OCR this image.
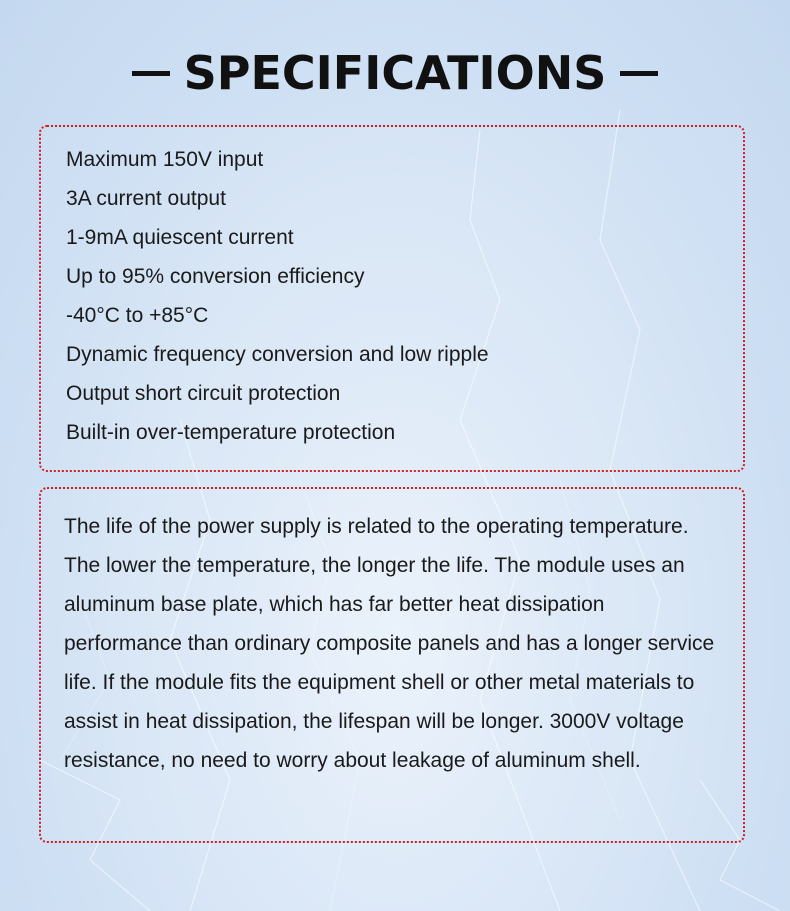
SPECIFICATIONS
Maximum 150V input
3A current output
1-9mA quiescent current
Up to 95% conversion efficiency
-40°C to +85°C
Dynamic frequency conversion and low ripple
Output short circuit protection
Built-in over-temperature protection

The life of the power supply is related to the operating temperature. The lower the temperature, the longer the life. The module uses an aluminum base plate, which has far better heat dissipation performance than ordinary composite panels and has a longer service life. If the module fits the equipment shell or other metal materials to assist in heat dissipation, the lifespan will be longer. 3000V voltage resistance, no need to worry about leakage of aluminum shell.
